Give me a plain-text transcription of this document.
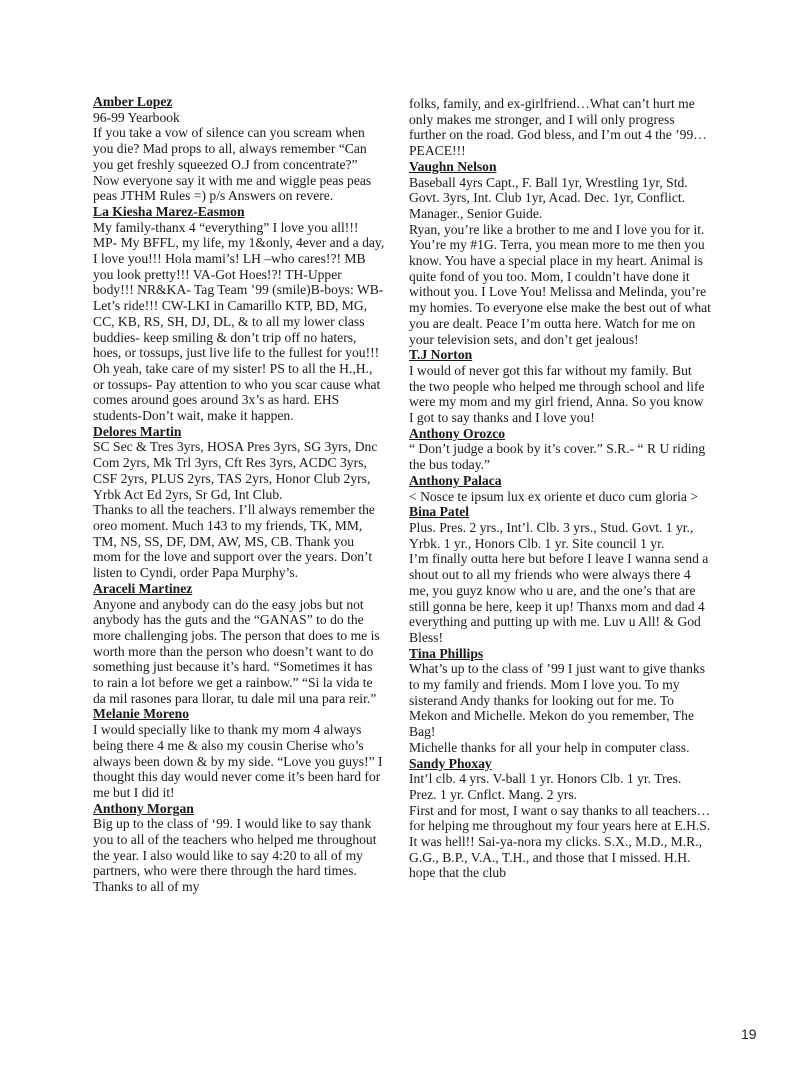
Amber Lopez
96-99 Yearbook
If you take a vow of silence can you scream when you die? Mad props to all, always remember “Can you get freshly squeezed O.J from concentrate?” Now everyone say it with me and wiggle peas peas peas JTHM Rules =) p/s Answers on revere.
La Kiesha Marez-Easmon
My family-thanx 4 “everything” I love you all!!! MP- My BFFL, my life, my 1&only, 4ever and a day, I love you!!! Hola mami’s! LH –who cares!?! MB you look pretty!!! VA-Got Hoes!?! TH-Upper body!!! NR&KA- Tag Team ’99 (smile)B-boys: WB-Let’s ride!!! CW-LKI in Camarillo KTP, BD, MG, CC, KB, RS, SH, DJ, DL, & to all my lower class buddies- keep smiling & don’t trip off no haters, hoes, or tossups, just live life to the fullest for you!!! Oh yeah, take care of my sister! PS to all the H.,H., or tossups- Pay attention to who you scar cause what comes around goes around 3x’s as hard. EHS students-Don’t wait, make it happen.
Delores Martin
SC Sec & Tres 3yrs, HOSA Pres 3yrs, SG 3yrs, Dnc Com 2yrs, Mk Trl 3yrs, Cft Res 3yrs, ACDC 3yrs, CSF 2yrs, PLUS 2yrs, TAS 2yrs, Honor Club 2yrs, Yrbk Act Ed 2yrs, Sr Gd, Int Club.
Thanks to all the teachers. I’ll always remember the oreo moment. Much 143 to my friends, TK, MM, TM, NS, SS, DF, DM, AW, MS, CB. Thank you mom for the love and support over the years. Don’t listen to Cyndi, order Papa Murphy’s.
Araceli Martinez
Anyone and anybody can do the easy jobs but not anybody has the guts and the “GANAS” to do the more challenging jobs. The person that does to me is worth more than the person who doesn’t want to do something just because it’s hard. “Sometimes it has to rain a lot before we get a rainbow.” “Si la vida te da mil rasones para llorar, tu dale mil una para reir.”
Melanie Moreno
I would specially like to thank my mom 4 always being there 4 me & also my cousin Cherise who’s always been down & by my side. “Love you guys!” I thought this day would never come it’s been hard for me but I did it!
Anthony Morgan
Big up to the class of ‘99. I would like to say thank you to all of the teachers who helped me throughout the year. I also would like to say 4:20 to all of my partners, who were there through the hard times. Thanks to all of my
folks, family, and ex-girlfriend…What can’t hurt me only makes me stronger, and I will only progress further on the road. God bless, and I’m out 4 the ’99…PEACE!!!
Vaughn Nelson
Baseball 4yrs Capt., F. Ball 1yr, Wrestling 1yr, Std. Govt. 3yrs, Int. Club 1yr, Acad. Dec. 1yr, Conflict. Manager., Senior Guide.
Ryan, you’re like a brother to me and I love you for it. You’re my #1G. Terra, you mean more to me then you know. You have a special place in my heart. Animal is quite fond of you too. Mom, I couldn’t have done it without you. I Love You! Melissa and Melinda, you’re my homies. To everyone else make the best out of what you are dealt. Peace I’m outta here. Watch for me on your television sets, and don’t get jealous!
T.J Norton
I would of never got this far without my family. But the two people who helped me through school and life were my mom and my girl friend, Anna. So you know I got to say thanks and I love you!
Anthony Orozco
“ Don’t judge a book by it’s cover.” S.R.- “ R U riding the bus today.”
Anthony Palaca
< Nosce te ipsum lux ex oriente et duco cum gloria >
Bina Patel
Plus. Pres. 2 yrs., Int’l. Clb. 3 yrs., Stud. Govt. 1 yr., Yrbk. 1 yr., Honors Clb. 1 yr. Site council 1 yr.
I’m finally outta here but before I leave I wanna send a shout out to all my friends who were always there 4 me, you guyz know who u are, and the one’s that are still gonna be here, keep it up! Thanxs mom and dad 4 everything and putting up with me. Luv u All! & God Bless!
Tina Phillips
What’s up to the class of ’99 I just want to give thanks to my family and friends. Mom I love you. To my sisterand Andy thanks for looking out for me. To Mekon and Michelle. Mekon do you remember, The Bag!
Michelle thanks for all your help in computer class.
Sandy Phoxay
Int’l clb. 4 yrs. V-ball 1 yr. Honors Clb. 1 yr. Tres. Prez. 1 yr. Cnflct. Mang. 2 yrs.
First and for most, I want o say thanks to all teachers… for helping me throughout my four years here at E.H.S. It was hell!! Sai-ya-nora my clicks. S.X., M.D., M.R., G.G., B.P., V.A., T.H., and those that I missed. H.H. hope that the club
19
